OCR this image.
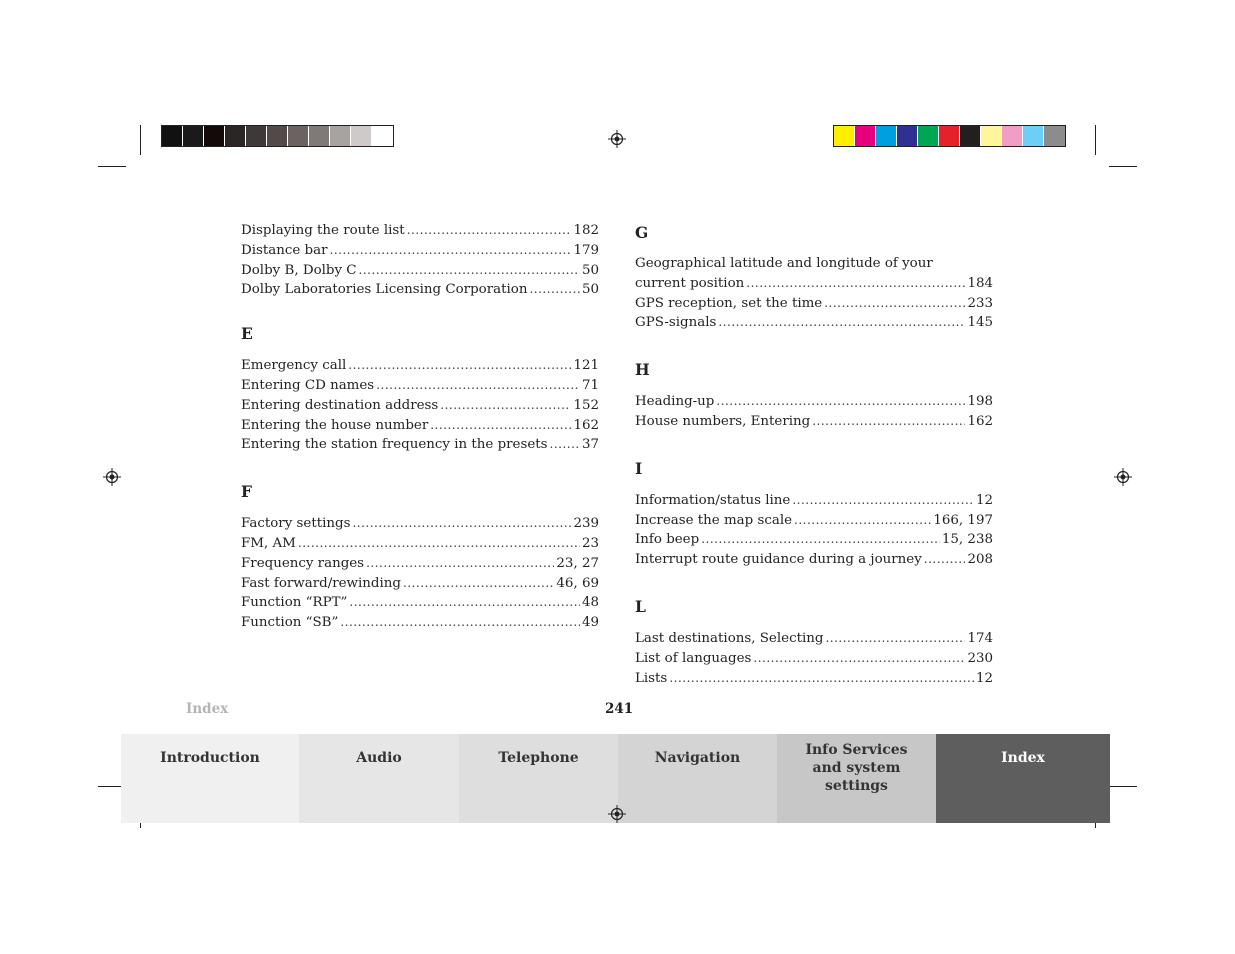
Displaying the route list .....	182
Distance bar .....	179
Dolby B, Dolby C .....	50
Dolby Laboratories Licensing Corporation .....	50
E
Emergency call .....	121
Entering CD names .....	71
Entering destination address .....	152
Entering the house number .....	162
Entering the station frequency in the presets .....	37
F
Factory settings .....	239
FM, AM .....	23
Frequency ranges .....	23, 27
Fast forward/rewinding .....	46, 69
Function “RPT” .....	48
Function “SB” .....	49
G
Geographical latitude and longitude of your
current position .....	184
GPS reception, set the time .....	233
GPS-signals .....	145
H
Heading-up .....	198
House numbers, Entering .....	162
I
Information/status line .....	12
Increase the map scale .....	166, 197
Info beep .....	15, 238
Interrupt route guidance during a journey .....	208
L
Last destinations, Selecting .....	174
List of languages .....	230
Lists .....	12
Index	241
Introduction	Audio	Telephone	Navigation	Info Services and system settings
Index
